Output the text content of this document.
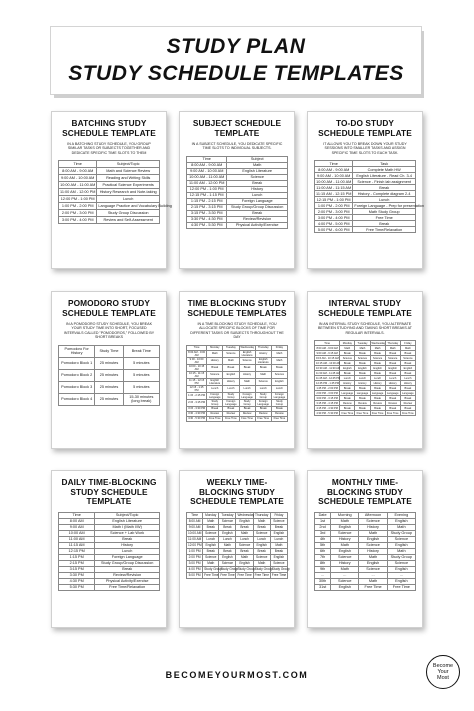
STUDY PLAN
STUDY SCHEDULE TEMPLATES
BATCHING STUDY SCHEDULE TEMPLATE
IN A BATCHING STUDY SCHEDULE, YOU GROUP SIMILAR TASKS OR SUBJECTS TOGETHER AND DEDICATE SPECIFIC TIME SLOTS TO THEM
Time	Subject/Topic
8:00 AM - 9:00 AM	Math and Science Review
9:00 AM - 10:00 AM	Reading and Writing Skills
10:00 AM - 11:00 AM	Practical Science Experiments
11:00 AM - 12:00 PM	History Research and Note-taking
12:00 PM - 1:00 PM	Lunch
1:00 PM - 2:00 PM	Language Practice and Vocabulary Building
2:00 PM - 3:00 PM	Study Group Discussion
3:00 PM - 4:00 PM	Review and Self-Assessment
SUBJECT SCHEDULE TEMPLATE
IN A SUBJECT SCHEDULE, YOU DEDICATE SPECIFIC TIME SLOTS TO INDIVIDUAL SUBJECTS.
Time	Subject
8:00 AM - 9:00 AM	Math
9:00 AM - 10:00 AM	English Literature
10:00 AM - 11:00 AM	Science
11:00 AM - 12:00 PM	Break
12:00 PM - 1:00 PM	History
12:15 PM - 1:15 PM	Lunch
1:15 PM - 2:15 PM	Foreign Language
2:15 PM - 3:15 PM	Study Group/Group Discussion
3:15 PM - 3:30 PM	Break
3:30 PM - 4:30 PM	Review/Revision
4:30 PM - 5:30 PM	Physical Activity/Exercise
TO-DO STUDY SCHEDULE TEMPLATE
IT ALLOWS YOU TO BREAK DOWN YOUR STUDY SESSIONS INTO SMALLER TASKS AND ASSIGN SPECIFIC TIME SLOTS TO EACH TASK.
Time	Task
8:00 AM - 9:00 AM	Complete Math HW
9:00 AM - 10:00 AM	English Literature - Read Ch. 3-4
10:00 AM - 11:00 AM	Science - Finish lab assignment
11:00 AM - 11:15 AM	Break
11:15 AM - 12:15 PM	History - Complete diagram 2-4
12:15 PM - 1:00 PM	Lunch
1:00 PM - 2:00 PM	Foreign Language - Prep for presentation
2:00 PM - 3:00 PM	Math Study Group
3:00 PM - 4:00 PM	Free Time
4:00 PM - 5:00 PM	Break
5:00 PM - 6:00 PM	Free Time/Relaxation
POMODORO STUDY SCHEDULE TEMPLATE
IN A POMODORO STUDY SCHEDULE, YOU BREAK YOUR STUDY TIME INTO SHORT, FOCUSED INTERVALS CALLED "POMODOROS," FOLLOWED BY SHORT BREAKS
Pomodoro For History	Study Time	Break Time
Pomodoro Block 1	25 minutes	5 minutes
Pomodoro Block 2	25 minutes	5 minutes
Pomodoro Block 3	25 minutes	5 minutes
Pomodoro Block 4	25 minutes	15-30 minutes (long break)
TIME BLOCKING STUDY SCHEDULE TEMPLATES
IN A TIME BLOCKING STUDY SCHEDULE, YOU ALLOCATE SPECIFIC BLOCKS OF TIME FOR DIFFERENT TASKS OR SUBJECTS THROUGHOUT THE DAY
Time	Monday	Tuesday	Wednesday	Thursday	Friday
8:00 AM - 9:00 AM	Math	Science	English Literature	History	Math
9:00 - 10:00 AM	History	Math	Science	English Literature	Math
10:00 - 10:15 AM	Break	Break	Break	Break	Break
10:15 - 11:15 AM	Science	English	History	Math	Science
11:15 - 12:15 PM	English Literature	History	Math	Science	English
12:15 - 1:15 PM	Lunch	Lunch	Lunch	Lunch	Lunch
1:15 - 2:15 PM	Foreign Language	Study Group	Foreign Language	Study Group	Foreign Language
2:15 - 3:15 PM	Study Group	Foreign Language	Study Group	Foreign Language	Study Group
3:15 - 3:30 PM	Break	Break	Break	Break	Break
3:30 - 4:30 PM	Review	Review	Review	Review	Review
4:30 - 5:30 PM	Free Time	Free Time	Free Time	Free Time	Free Time
INTERVAL STUDY SCHEDULE TEMPLATE
IN AN INTERVAL STUDY SCHEDULE, YOU ALTERNATE BETWEEN STUDYING AND TAKING SHORT BREAKS AT REGULAR INTERVALS.
Time	Monday	Tuesday	Wednesday	Thursday	Friday
8:00 AM - 9:00 AM	Math	Math	Math	Math	Math
9:00 AM - 9:15 AM	Break	Break	Break	Break	Break
9:15 AM - 10:15 AM	Science	Science	Science	Science	Science
10:15 AM - 10:30 AM	Break	Break	Break	Break	Break
10:30 AM - 11:30 AM	English	English	English	English	English
11:30 AM - 11:45 AM	Break	Break	Break	Break	Break
11:45 AM - 12:45 PM	Lunch	Lunch	Lunch	Lunch	Lunch
12:45 PM - 1:45 PM	History	History	History	History	History
1:45 PM - 2:00 PM	Break	Break	Break	Break	Break
2:00 PM - 3:00 PM	Language	Language	Language	Language	Language
3:00 PM - 3:15 PM	Break	Break	Break	Break	Break
3:15 PM - 4:15 PM	Review	Review	Review	Review	Review
4:15 PM - 4:30 PM	Break	Break	Break	Break	Break
4:30 PM - 5:30 PM	Free Time	Free Time	Free Time	Free Time	Free Time
DAILY TIME-BLOCKING STUDY SCHEDULE TEMPLATE
Time	Subject/Topic
8:00 AM	English Literature
9:00 AM	Math I (Math I/W)
10:00 AM	Science + Lab Work
11:00 AM	Break
11:15 AM	History
12:15 PM	Lunch
1:15 PM	Foreign Language
2:15 PM	Study Group/Group Discussion
3:15 PM	Break
3:30 PM	Review/Revision
4:30 PM	Physical Activity/Exercise
5:30 PM	Free Time/Relaxation
WEEKLY TIME-BLOCKING STUDY SCHEDULE TEMPLATE
Time	Monday	Tuesday	Wednesday	Thursday	Friday
8:00 AM	Math	Science	English	Math	Science
9:00 AM	Break	Break	Break	Break	Break
10:00 AM	Science	English	Math	Science	English
11:00 AM	Lunch	Lunch	Lunch	Lunch	Lunch
12:00 PM	English	Math	Science	English	Math
1:00 PM	Break	Break	Break	Break	Break
2:00 PM	Science	English	Math	Science	English
3:00 PM	Math	Science	English	Math	Science
4:00 PM	Study Group	Study Group	Study Group	Study Group	Study Group
5:00 PM	Free Time	Free Time	Free Time	Free Time	Free Time
MONTHLY TIME-BLOCKING STUDY SCHEDULE TEMPLATE
Date	Morning	Afternoon	Evening
1st	Math	Science	English
2nd	English	History	Math
3rd	Science	Math	Study Group
4th	History	English	Science
5th	Math	Science	English
6th	English	History	Math
7th	Science	Math	Study Group
8th	History	English	Science
9th	Math	Science	English
...	...	...	...
30th	Science	Math	English
31st	English	Free Time	Free Time
BECOMEYOURMOST.COM
Become
Your
Most
